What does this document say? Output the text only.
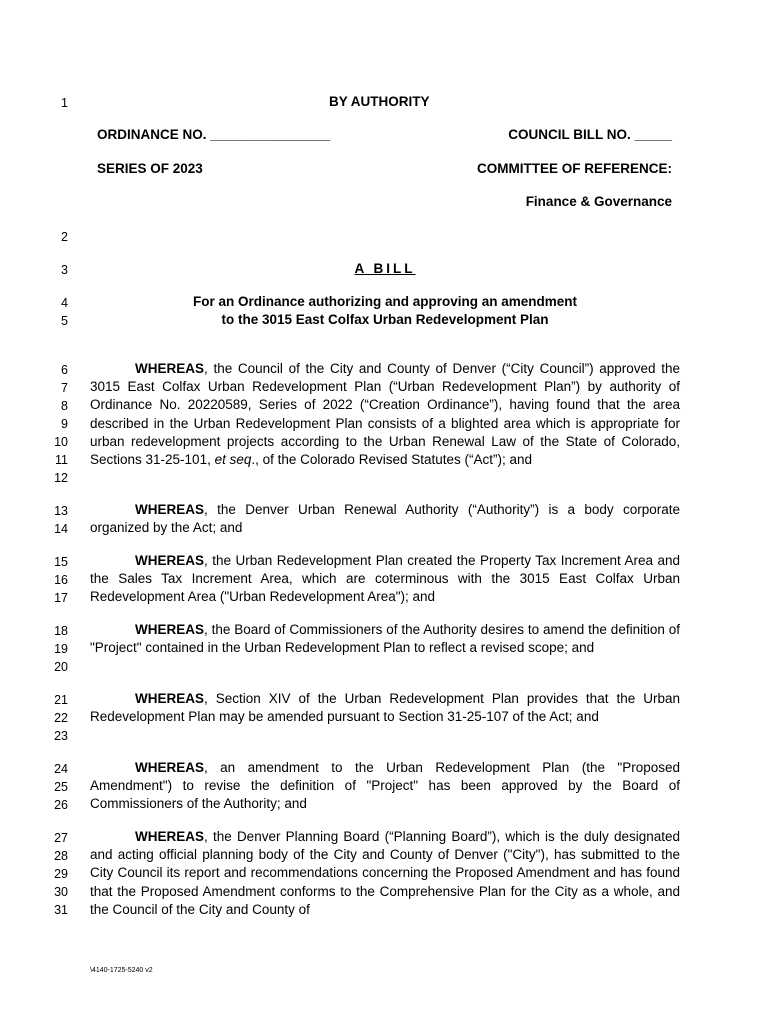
1
2
3
4
5
6
7
8
9
10
11
12
13
14
15
16
17
18
19
20
21
22
23
24
25
26
27
28
29
30
31
BY AUTHORITY
ORDINANCE NO. ________________	COUNCIL BILL NO. _____
SERIES OF 2023	COMMITTEE OF REFERENCE:
Finance & Governance
A BILL
For an Ordinance authorizing and approving an amendment
to the 3015 East Colfax Urban Redevelopment Plan
WHEREAS, the Council of the City and County of Denver (“City Council”) approved the 3015 East Colfax Urban Redevelopment Plan (“Urban Redevelopment Plan”) by authority of Ordinance No. 20220589, Series of 2022 (“Creation Ordinance”), having found that the area described in the Urban Redevelopment Plan consists of a blighted area which is appropriate for urban redevelopment projects according to the Urban Renewal Law of the State of Colorado, Sections 31-25-101, et seq., of the Colorado Revised Statutes (“Act”); and
WHEREAS, the Denver Urban Renewal Authority (“Authority”) is a body corporate organized by the Act; and
WHEREAS, the Urban Redevelopment Plan created the Property Tax Increment Area and the Sales Tax Increment Area, which are coterminous with the 3015 East Colfax Urban Redevelopment Area ("Urban Redevelopment Area"); and
WHEREAS, the Board of Commissioners of the Authority desires to amend the definition of "Project" contained in the Urban Redevelopment Plan to reflect a revised scope; and
WHEREAS, Section XIV of the Urban Redevelopment Plan provides that the Urban Redevelopment Plan may be amended pursuant to Section 31-25-107 of the Act; and
WHEREAS, an amendment to the Urban Redevelopment Plan (the "Proposed Amendment") to revise the definition of "Project" has been approved by the Board of Commissioners of the Authority; and
WHEREAS, the Denver Planning Board (“Planning Board”), which is the duly designated and acting official planning body of the City and County of Denver ("City"), has submitted to the City Council its report and recommendations concerning the Proposed Amendment and has found that the Proposed Amendment conforms to the Comprehensive Plan for the City as a whole, and the Council of the City and County of
\4140-1725-5240 v2
